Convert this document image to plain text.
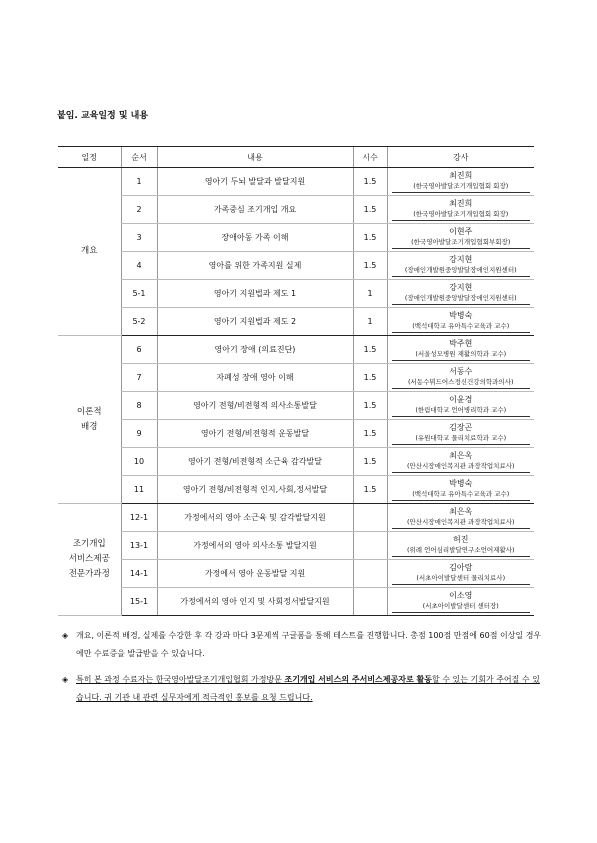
붙임. 교육일정 및 내용
일정	순서	내용	시수	강사
개요	1	영아기 두뇌 발달과 발달지원	1.5	최진희
(한국영아발달조기개입협회 회장)

	2	가족중심 조기개입 개요	1.5	최진희
(한국영아발달조기개입협회 회장)

	3	장애아동 가족 이해	1.5	이현주
(한국영아발달조기개입협회부회장)

	4	영아를 위한 가족지원 실제	1.5	강지현
(장애인개발원중앙발달장애인지원센터)

	5-1	영아기 지원법과 제도 1	1	강지현
(장애인개발원중앙발달장애인지원센터)

	5-2	영아기 지원법과 제도 2	1	박병숙
(백석대학교 유아특수교육과 교수)

이론적
배경	6	영아기 장애 (의료진단)	1.5	박주현
(서울성모병원 재활의학과 교수)

	7	자폐성 장애 영아 이해	1.5	서동수
(서동수뮈드어스정신건강의학과의사)

	8	영아기 전형/비전형적 의사소통발달	1.5	이윤경
(한림대학교 언어병리학과 교수)

	9	영아기 전형/비전형적 운동발달	1.5	김장곤
(유원대학교 물리치료학과 교수)

	10	영아기 전형/비전형적 소근육 감각발달	1.5	최은옥
(안산시장애인복지관 과장작업치료사)

	11	영아기 전형/비전형적 인지,사회,정서발달	1.5	박병숙
(백석대학교 유아특수교육과 교수)

조기개입
서비스제공
전문가과정	12-1	가정에서의 영아 소근육 및 감각발달지원		최은옥
(안산시장애인복지관 과장작업치료사)

	13-1	가정에서의 영아 의사소통 발달지원		허진
(위례 언어심리발달연구소언어재활사)

	14-1	가정에서 영아 운동발달 지원		김아람
(서초아이발달센터 물리치료사)

	15-1	가정에서의 영아 인지 및 사회정서발달지원		이소영
(서초아이발달센터 센터장)
◈ 개요, 이론적 배경, 실제를 수강한 후 각 강과 마다 3문제씩 구글폼을 통해 테스트를 진행합니다. 총점 100점 만점에 60점 이상일 경우에만 수료증을 발급받을 수 있습니다.
◈ 특히 본 과정 수료자는 한국영아발달조기개입협회 가정방문 조기개입 서비스의 주서비스제공자로 활동할 수 있는 기회가 주어질 수 있습니다. 귀 기관 내 관련 실무자에게 적극적인 홍보를 요청 드립니다.
